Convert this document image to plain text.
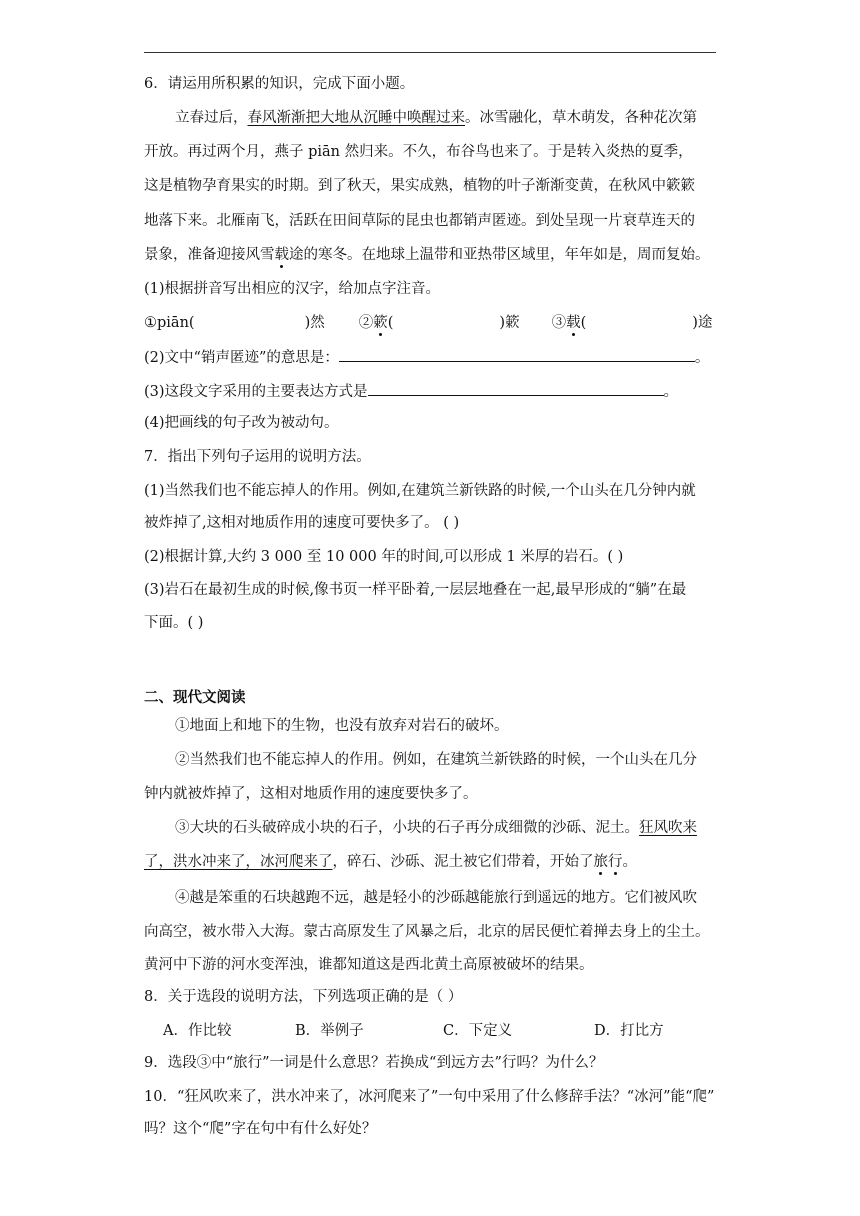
6．请运用所积累的知识，完成下面小题。
立春过后，春风渐渐把大地从沉睡中唤醒过来。冰雪融化，草木萌发，各种花次第
开放。再过两个月，燕子 piān 然归来。不久，布谷鸟也来了。于是转入炎热的夏季，
这是植物孕育果实的时期。到了秋天，果实成熟，植物的叶子渐渐变黄，在秋风中簌簌
地落下来。北雁南飞，活跃在田间草际的昆虫也都销声匿迹。到处呈现一片衰草连天的
景象，准备迎接风雪载途的寒冬。在地球上温带和亚热带区域里，年年如是，周而复始。
(1)根据拼音写出相应的汉字，给加点字注音。
①piān(	)然 ②簌(	)簌 ③载(	)途
(2)文中“销声匿迹”的意思是：	。
(3)这段文字采用的主要表达方式是	。
(4)把画线的句子改为被动句。
7．指出下列句子运用的说明方法。
(1)当然我们也不能忘掉人的作用。例如,在建筑兰新铁路的时候,一个山头在几分钟内就
被炸掉了,这相对地质作用的速度可要快多了。 ( )
(2)根据计算,大约 3 000 至 10 000 年的时间,可以形成 1 米厚的岩石。( )
(3)岩石在最初生成的时候,像书页一样平卧着,一层层地叠在一起,最早形成的“躺”在最
下面。( )
二、现代文阅读
①地面上和地下的生物，也没有放弃对岩石的破坏。
②当然我们也不能忘掉人的作用。例如，在建筑兰新铁路的时候，一个山头在几分
钟内就被炸掉了，这相对地质作用的速度要快多了。
③大块的石头破碎成小块的石子，小块的石子再分成细微的沙砾、泥土。狂风吹来
了，洪水冲来了，冰河爬来了，碎石、沙砾、泥土被它们带着，开始了旅行。
④越是笨重的石块越跑不远，越是轻小的沙砾越能旅行到遥远的地方。它们被风吹
向高空，被水带入大海。蒙古高原发生了风暴之后，北京的居民便忙着掸去身上的尘土。
黄河中下游的河水变浑浊，谁都知道这是西北黄土高原被破坏的结果。
8．关于选段的说明方法，下列选项正确的是（ ）
A．作比较	B．举例子	C．下定义	D．打比方
9．选段③中“旅行”一词是什么意思？若换成“到远方去”行吗？为什么？
10．“狂风吹来了，洪水冲来了，冰河爬来了”一句中采用了什么修辞手法？“冰河”能“爬”
吗？这个“爬”字在句中有什么好处？
